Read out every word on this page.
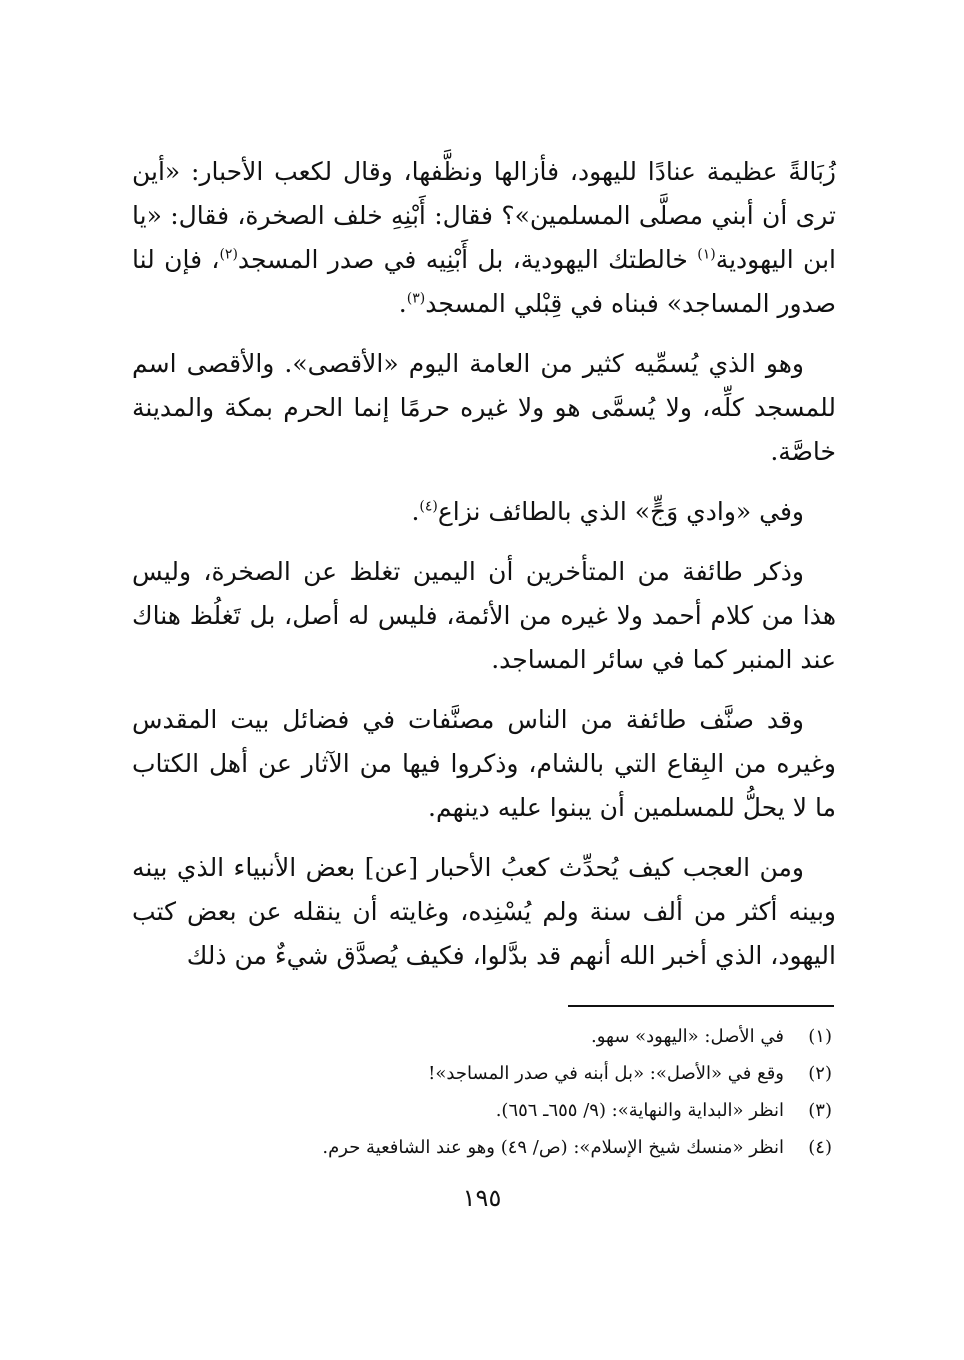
زُبَالةً عظيمة عنادًا لليهود، فأزالها ونظَّفها، وقال لكعب الأحبار: «أين ترى أن أبني مصلَّى المسلمين»؟ فقال: أَبْنِهِ خلف الصخرة، فقال: «يا ابن اليهودية$^{(١)}$ خالطتك اليهودية، بل أَبْنِيه في صدر المسجد$^{(٢)}$، فإن لنا صدور المساجد» فبناه في قِبْلي المسجد$^{(٣)}$.

وهو الذي يُسمِّيه كثير من العامة اليوم «الأقصى». والأقصى اسم للمسجد كلِّه، ولا يُسمَّى هو ولا غيره حرمًا إنما الحرم بمكة والمدينة خاصَّة.

وفي «وادي وَجٍّ» الذي بالطائف نزاع$^{(٤)}$.

وذكر طائفة من المتأخرين أن اليمين تغلظ عن الصخرة، وليس هذا من كلام أحمد ولا غيره من الأئمة، فليس له أصل، بل تَغلُظ هناك عند المنبر كما في سائر المساجد.

وقد صنَّف طائفة من الناس مصنَّفات في فضائل بيت المقدس وغيره من البِقاع التي بالشام، وذكروا فيها من الآثار عن أهل الكتاب ما لا يحلُّ للمسلمين أن يبنوا عليه دينهم.

ومن العجب كيف يُحدِّث كعبُ الأحبار [عن] بعض الأنبياء الذي بينه وبينه أكثر من ألف سنة ولم يُسْنِده، وغايته أن ينقله عن بعض كتب اليهود، الذي أخبر الله أنهم قد بدَّلوا، فكيف يُصدَّق شيءٌ من ذلك

(١)في الأصل: «اليهود» سهو.

(٢)وقع في «الأصل»: «بل أبنه في صدر المساجد»!

(٣)انظر «البداية والنهاية»: (٩/ ٦٥٥ـ ٦٥٦).

(٤)انظر «منسك شيخ الإسلام»: (ص/ ٤٩) وهو عند الشافعية حرم.

١٩٥
